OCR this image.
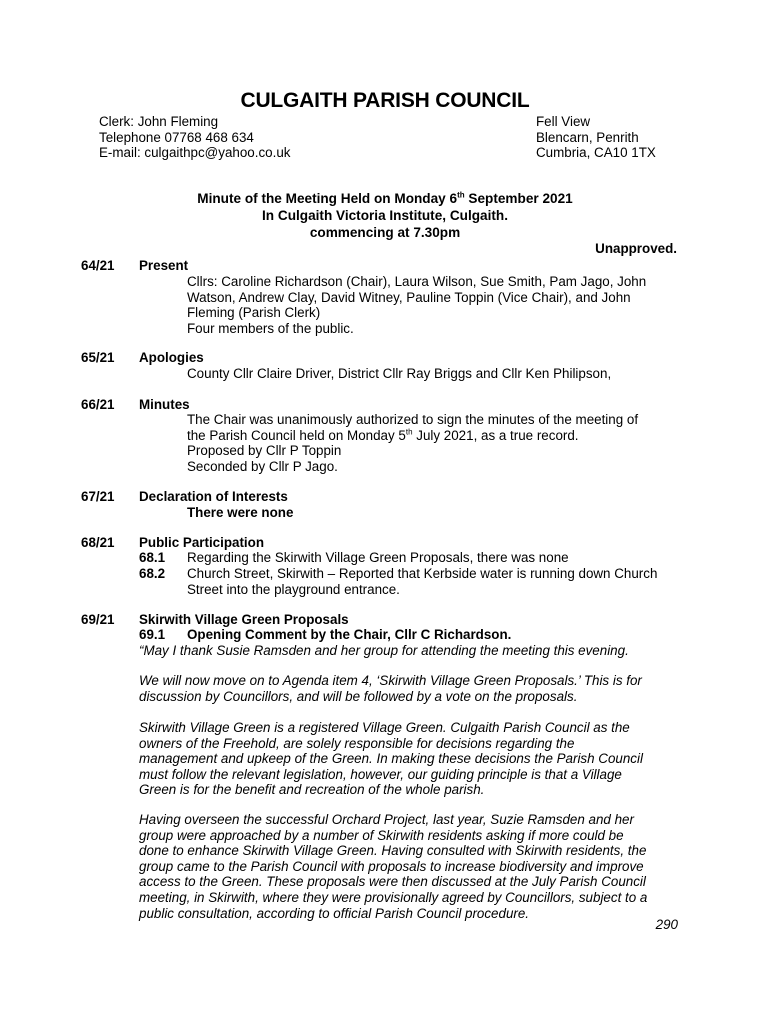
CULGAITH PARISH COUNCIL
Clerk: John Fleming
Telephone 07768 468 634
E-mail: culgaithpc@yahoo.co.uk
Fell View
Blencarn, Penrith
Cumbria, CA10 1TX
Minute of the Meeting Held on Monday 6th September 2021
In Culgaith Victoria Institute, Culgaith.
commencing at 7.30pm
Unapproved.
64/21 Present
Cllrs: Caroline Richardson (Chair), Laura Wilson, Sue Smith, Pam Jago, John
Watson, Andrew Clay, David Witney, Pauline Toppin (Vice Chair), and John
Fleming (Parish Clerk)
Four members of the public.
65/21 Apologies
County Cllr Claire Driver, District Cllr Ray Briggs and Cllr Ken Philipson,
66/21 Minutes
The Chair was unanimously authorized to sign the minutes of the meeting of
the Parish Council held on Monday 5th July 2021, as a true record.
Proposed by Cllr P Toppin
Seconded by Cllr P Jago.
67/21 Declaration of Interests
There were none
68/21 Public Participation
68.1 Regarding the Skirwith Village Green Proposals, there was none
68.2 Church Street, Skirwith – Reported that Kerbside water is running down Church
Street into the playground entrance.
69/21 Skirwith Village Green Proposals
69.1 Opening Comment by the Chair, Cllr C Richardson.
“May I thank Susie Ramsden and her group for attending the meeting this evening.
We will now move on to Agenda item 4, ‘Skirwith Village Green Proposals.’ This is for
discussion by Councillors, and will be followed by a vote on the proposals.
Skirwith Village Green is a registered Village Green. Culgaith Parish Council as the
owners of the Freehold, are solely responsible for decisions regarding the
management and upkeep of the Green. In making these decisions the Parish Council
must follow the relevant legislation, however, our guiding principle is that a Village
Green is for the benefit and recreation of the whole parish.
Having overseen the successful Orchard Project, last year, Suzie Ramsden and her
group were approached by a number of Skirwith residents asking if more could be
done to enhance Skirwith Village Green. Having consulted with Skirwith residents, the
group came to the Parish Council with proposals to increase biodiversity and improve
access to the Green. These proposals were then discussed at the July Parish Council
meeting, in Skirwith, where they were provisionally agreed by Councillors, subject to a
public consultation, according to official Parish Council procedure.
290
